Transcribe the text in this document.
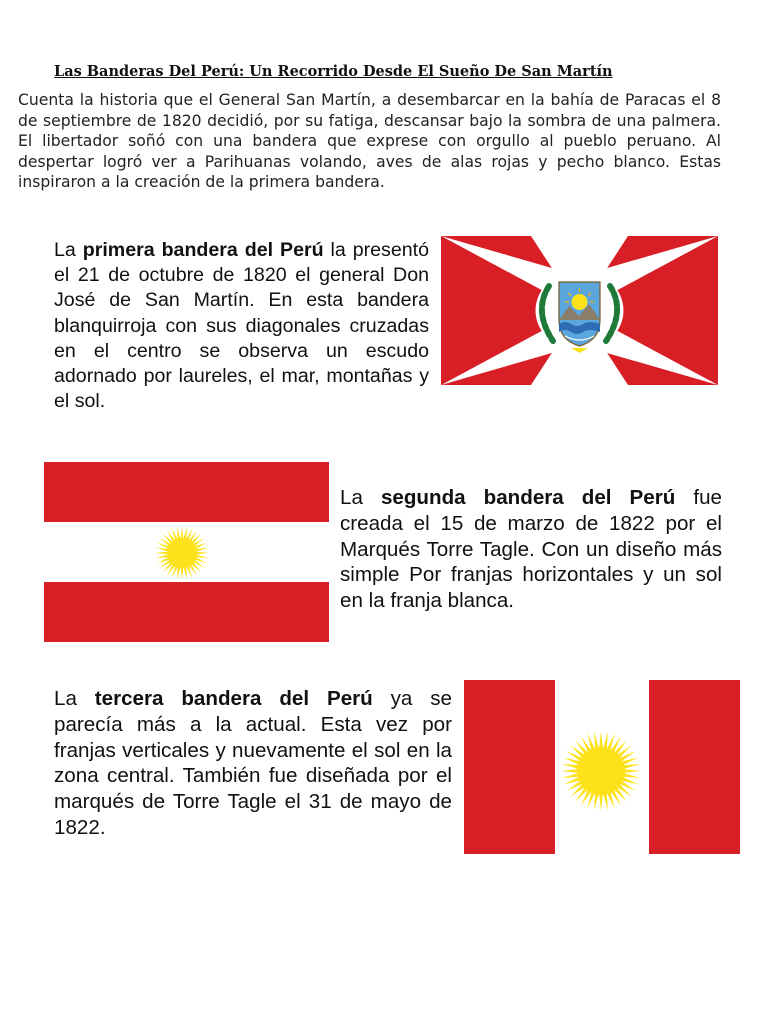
Las Banderas Del Perú: Un Recorrido Desde El Sueño De San Martín
Cuenta la historia que el General San Martín, a desembarcar en la bahía de Paracas el 8 de septiembre de 1820 decidió, por su fatiga, descansar bajo la sombra de una palmera. El libertador soñó con una bandera que exprese con orgullo al pueblo peruano. Al despertar logró ver a Parihuanas volando, aves de alas rojas y pecho blanco. Estas inspiraron a la creación de la primera bandera.
La primera bandera del Perú la presentó el 21 de octubre de 1820 el general Don José de San Martín. En esta bandera blanquirroja con sus diagonales cruzadas en el centro se observa un escudo adornado por laureles, el mar, montañas y el sol.
La segunda bandera del Perú fue creada el 15 de marzo de 1822 por el Marqués Torre Tagle. Con un diseño más simple Por franjas horizontales y un sol en la franja blanca.
La tercera bandera del Perú ya se parecía más a la actual. Esta vez por franjas verticales y nuevamente el sol en la zona central. También fue diseñada por el marqués de Torre Tagle el 31 de mayo de 1822.
